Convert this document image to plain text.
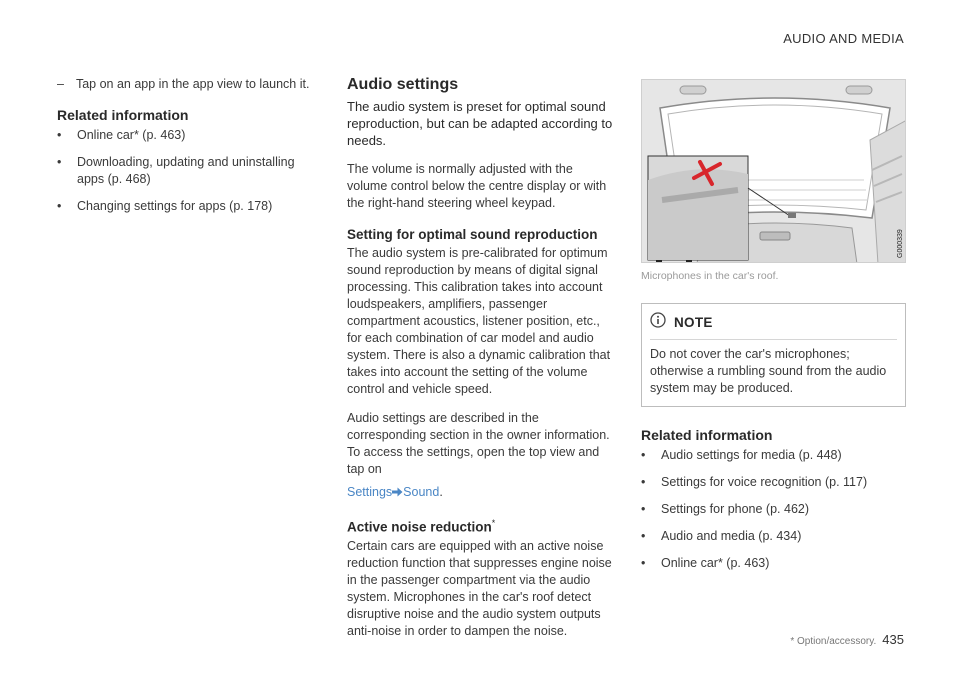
AUDIO AND MEDIA
– Tap on an app in the app view to launch it.
Related information
•	Online car* (p. 463)
•	Downloading, updating and uninstalling apps (p. 468)
•	Changing settings for apps (p. 178)
Audio settings
The audio system is preset for optimal sound reproduction, but can be adapted according to needs.

The volume is normally adjusted with the volume control below the centre display or with the right-hand steering wheel keypad.

Setting for optimal sound reproduction

The audio system is pre-calibrated for optimum sound reproduction by means of digital signal processing. This calibration takes into account loudspeakers, amplifiers, passenger compartment acoustics, listener position, etc., for each combination of car model and audio system. There is also a dynamic calibration that takes into account the setting of the volume control and vehicle speed.

Audio settings are described in the corresponding section in the owner information. To access the settings, open the top view and tap on

Settings Sound.

Active noise reduction*

Certain cars are equipped with an active noise reduction function that suppresses engine noise in the passenger compartment via the audio system. Microphones in the car's roof detect disruptive noise and the audio system outputs anti-noise in order to dampen the noise.

G000339
Microphones in the car's roof.
NOTE
Do not cover the car's microphones; otherwise a rumbling sound from the audio system may be produced.
Related information
•	Audio settings for media (p. 448)
•	Settings for voice recognition (p. 117)
•	Settings for phone (p. 462)
•	Audio and media (p. 434)
•	Online car* (p. 463)
* Option/accessory. 435
